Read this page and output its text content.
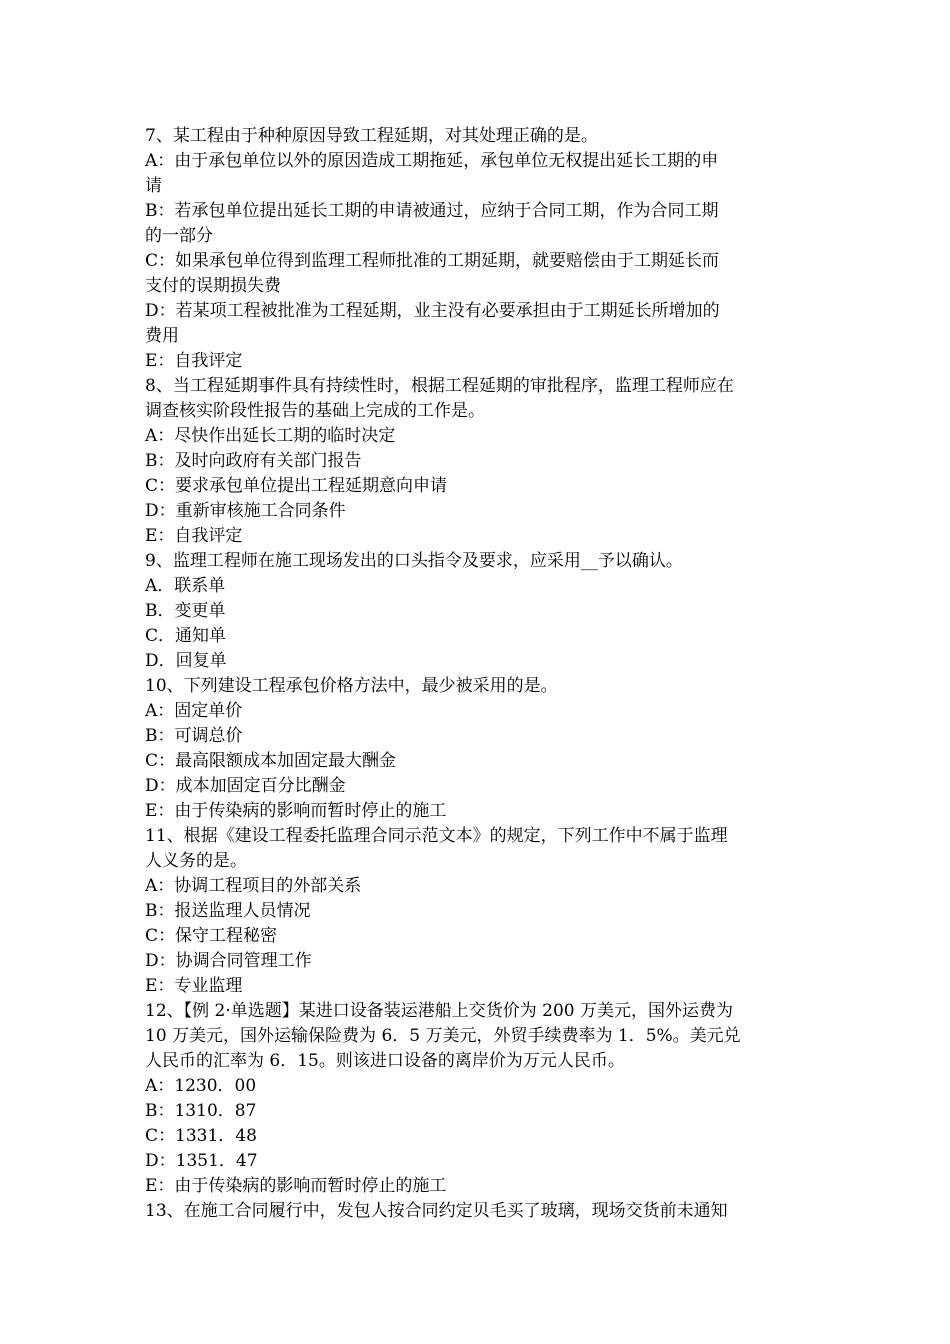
7、某工程由于种种原因导致工程延期，对其处理正确的是。
A：由于承包单位以外的原因造成工期拖延，承包单位无权提出延长工期的申
请
B：若承包单位提出延长工期的申请被通过，应纳于合同工期，作为合同工期
的一部分
C：如果承包单位得到监理工程师批准的工期延期，就要赔偿由于工期延长而
支付的误期损失费
D：若某项工程被批准为工程延期，业主没有必要承担由于工期延长所增加的
费用
E：自我评定
8、当工程延期事件具有持续性时，根据工程延期的审批程序，监理工程师应在
调查核实阶段性报告的基础上完成的工作是。
A：尽快作出延长工期的临时决定
B：及时向政府有关部门报告
C：要求承包单位提出工程延期意向申请
D：重新审核施工合同条件
E：自我评定
9、监理工程师在施工现场发出的口头指令及要求，应采用__予以确认。
A．联系单
B．变更单
C．通知单
D．回复单
10、下列建设工程承包价格方法中，最少被采用的是。
A：固定单价
B：可调总价
C：最高限额成本加固定最大酬金
D：成本加固定百分比酬金
E：由于传染病的影响而暂时停止的施工
11、根据《建设工程委托监理合同示范文本》的规定，下列工作中不属于监理
人义务的是。
A：协调工程项目的外部关系
B：报送监理人员情况
C：保守工程秘密
D：协调合同管理工作
E：专业监理
12、【例 2·单选题】某进口设备装运港船上交货价为 200 万美元，国外运费为
10 万美元，国外运输保险费为 6．5 万美元，外贸手续费率为 1．5%。美元兑
人民币的汇率为 6．15。则该进口设备的离岸价为万元人民币。
A：1230．00
B：1310．87
C：1331．48
D：1351．47
E：由于传染病的影响而暂时停止的施工
13、在施工合同履行中，发包人按合同约定贝毛买了玻璃，现场交货前未通知
